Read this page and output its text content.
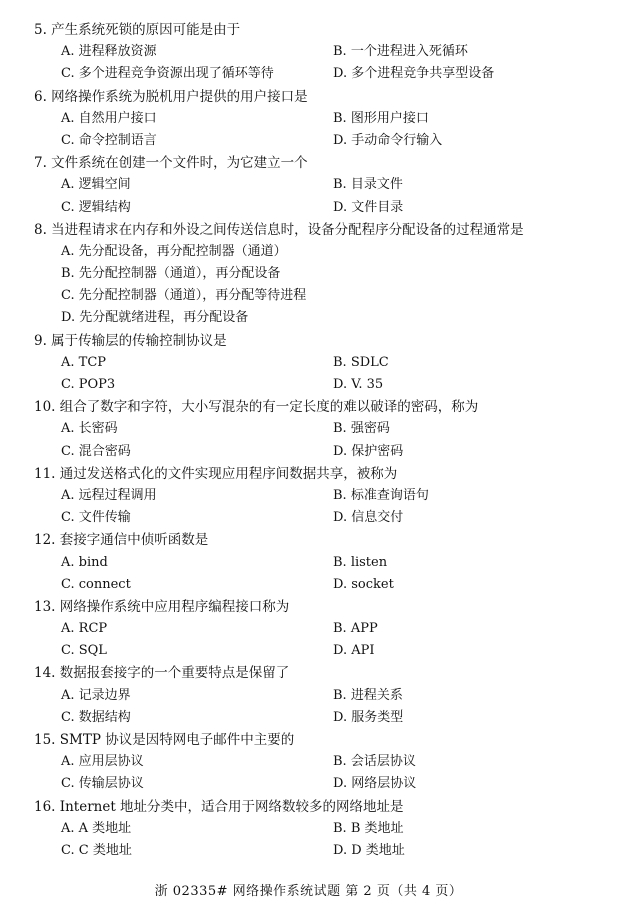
5. 产生系统死锁的原因可能是由于
A. 进程释放资源	B. 一个进程进入死循环
C. 多个进程竞争资源出现了循环等待	D. 多个进程竞争共享型设备
6. 网络操作系统为脱机用户提供的用户接口是
A. 自然用户接口	B. 图形用户接口
C. 命令控制语言	D. 手动命令行输入
7. 文件系统在创建一个文件时，为它建立一个
A. 逻辑空间	B. 目录文件
C. 逻辑结构	D. 文件目录
8. 当进程请求在内存和外设之间传送信息时，设备分配程序分配设备的过程通常是
A. 先分配设备，再分配控制器（通道）
B. 先分配控制器（通道），再分配设备
C. 先分配控制器（通道），再分配等待进程
D. 先分配就绪进程，再分配设备
9. 属于传输层的传输控制协议是
A. TCP	B. SDLC
C. POP3	D. V. 35
10. 组合了数字和字符，大小写混杂的有一定长度的难以破译的密码，称为
A. 长密码	B. 强密码
C. 混合密码	D. 保护密码
11. 通过发送格式化的文件实现应用程序间数据共享，被称为
A. 远程过程调用	B. 标准查询语句
C. 文件传输	D. 信息交付
12. 套接字通信中侦听函数是
A. bind	B. listen
C. connect	D. socket
13. 网络操作系统中应用程序编程接口称为
A. RCP	B. APP
C. SQL	D. API
14. 数据报套接字的一个重要特点是保留了
A. 记录边界	B. 进程关系
C. 数据结构	D. 服务类型
15. SMTP 协议是因特网电子邮件中主要的
A. 应用层协议	B. 会话层协议
C. 传输层协议	D. 网络层协议
16. Internet 地址分类中，适合用于网络数较多的网络地址是
A. A 类地址	B. B 类地址
C. C 类地址	D. D 类地址
浙 02335# 网络操作系统试题 第 2 页（共 4 页）
